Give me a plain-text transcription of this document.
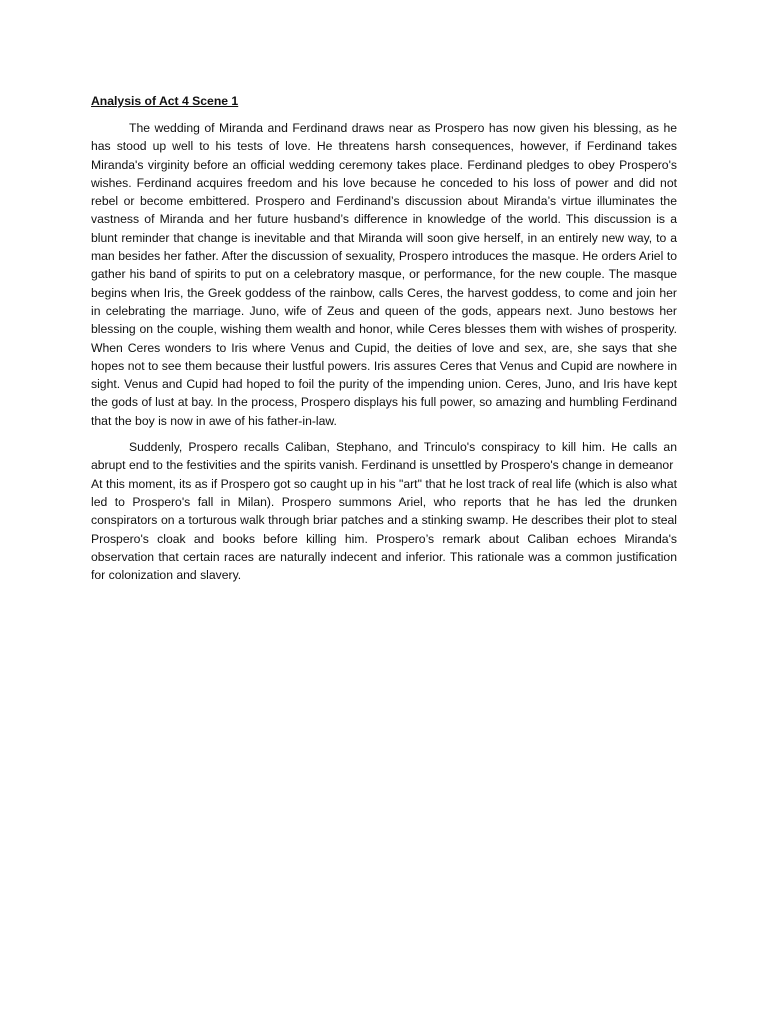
Analysis of Act 4 Scene 1

The wedding of Miranda and Ferdinand draws near as Prospero has now given his blessing, as he has stood up well to his tests of love. He threatens harsh consequences, however, if Ferdinand takes Miranda's virginity before an official wedding ceremony takes place. Ferdinand pledges to obey Prospero's wishes. Ferdinand acquires freedom and his love because he conceded to his loss of power and did not rebel or become embittered. Prospero and Ferdinand’s discussion about Miranda’s virtue illuminates the vastness of Miranda and her future husband’s difference in knowledge of the world. This discussion is a blunt reminder that change is inevitable and that Miranda will soon give herself, in an entirely new way, to a man besides her father. After the discussion of sexuality, Prospero introduces the masque. He orders Ariel to gather his band of spirits to put on a celebratory masque, or performance, for the new couple. The masque begins when Iris, the Greek goddess of the rainbow, calls Ceres, the harvest goddess, to come and join her in celebrating the marriage. Juno, wife of Zeus and queen of the gods, appears next. Juno bestows her blessing on the couple, wishing them wealth and honor, while Ceres blesses them with wishes of prosperity. When Ceres wonders to Iris where Venus and Cupid, the deities of love and sex, are, she says that she hopes not to see them because their lustful powers. Iris assures Ceres that Venus and Cupid are nowhere in sight. Venus and Cupid had hoped to foil the purity of the impending union. Ceres, Juno, and Iris have kept the gods of lust at bay. In the process, Prospero displays his full power, so amazing and humbling Ferdinand that the boy is now in awe of his father-in-law.

Suddenly, Prospero recalls Caliban, Stephano, and Trinculo's conspiracy to kill him. He calls an abrupt end to the festivities and the spirits vanish. Ferdinand is unsettled by Prospero's change in demeanor

At this moment, its as if Prospero got so caught up in his "art" that he lost track of real life (which is also what led to Prospero's fall in Milan). Prospero summons Ariel, who reports that he has led the drunken conspirators on a torturous walk through briar patches and a stinking swamp. He describes their plot to steal Prospero's cloak and books before killing him. Prospero’s remark about Caliban echoes Miranda's observation that certain races are naturally indecent and inferior. This rationale was a common justification for colonization and slavery.
